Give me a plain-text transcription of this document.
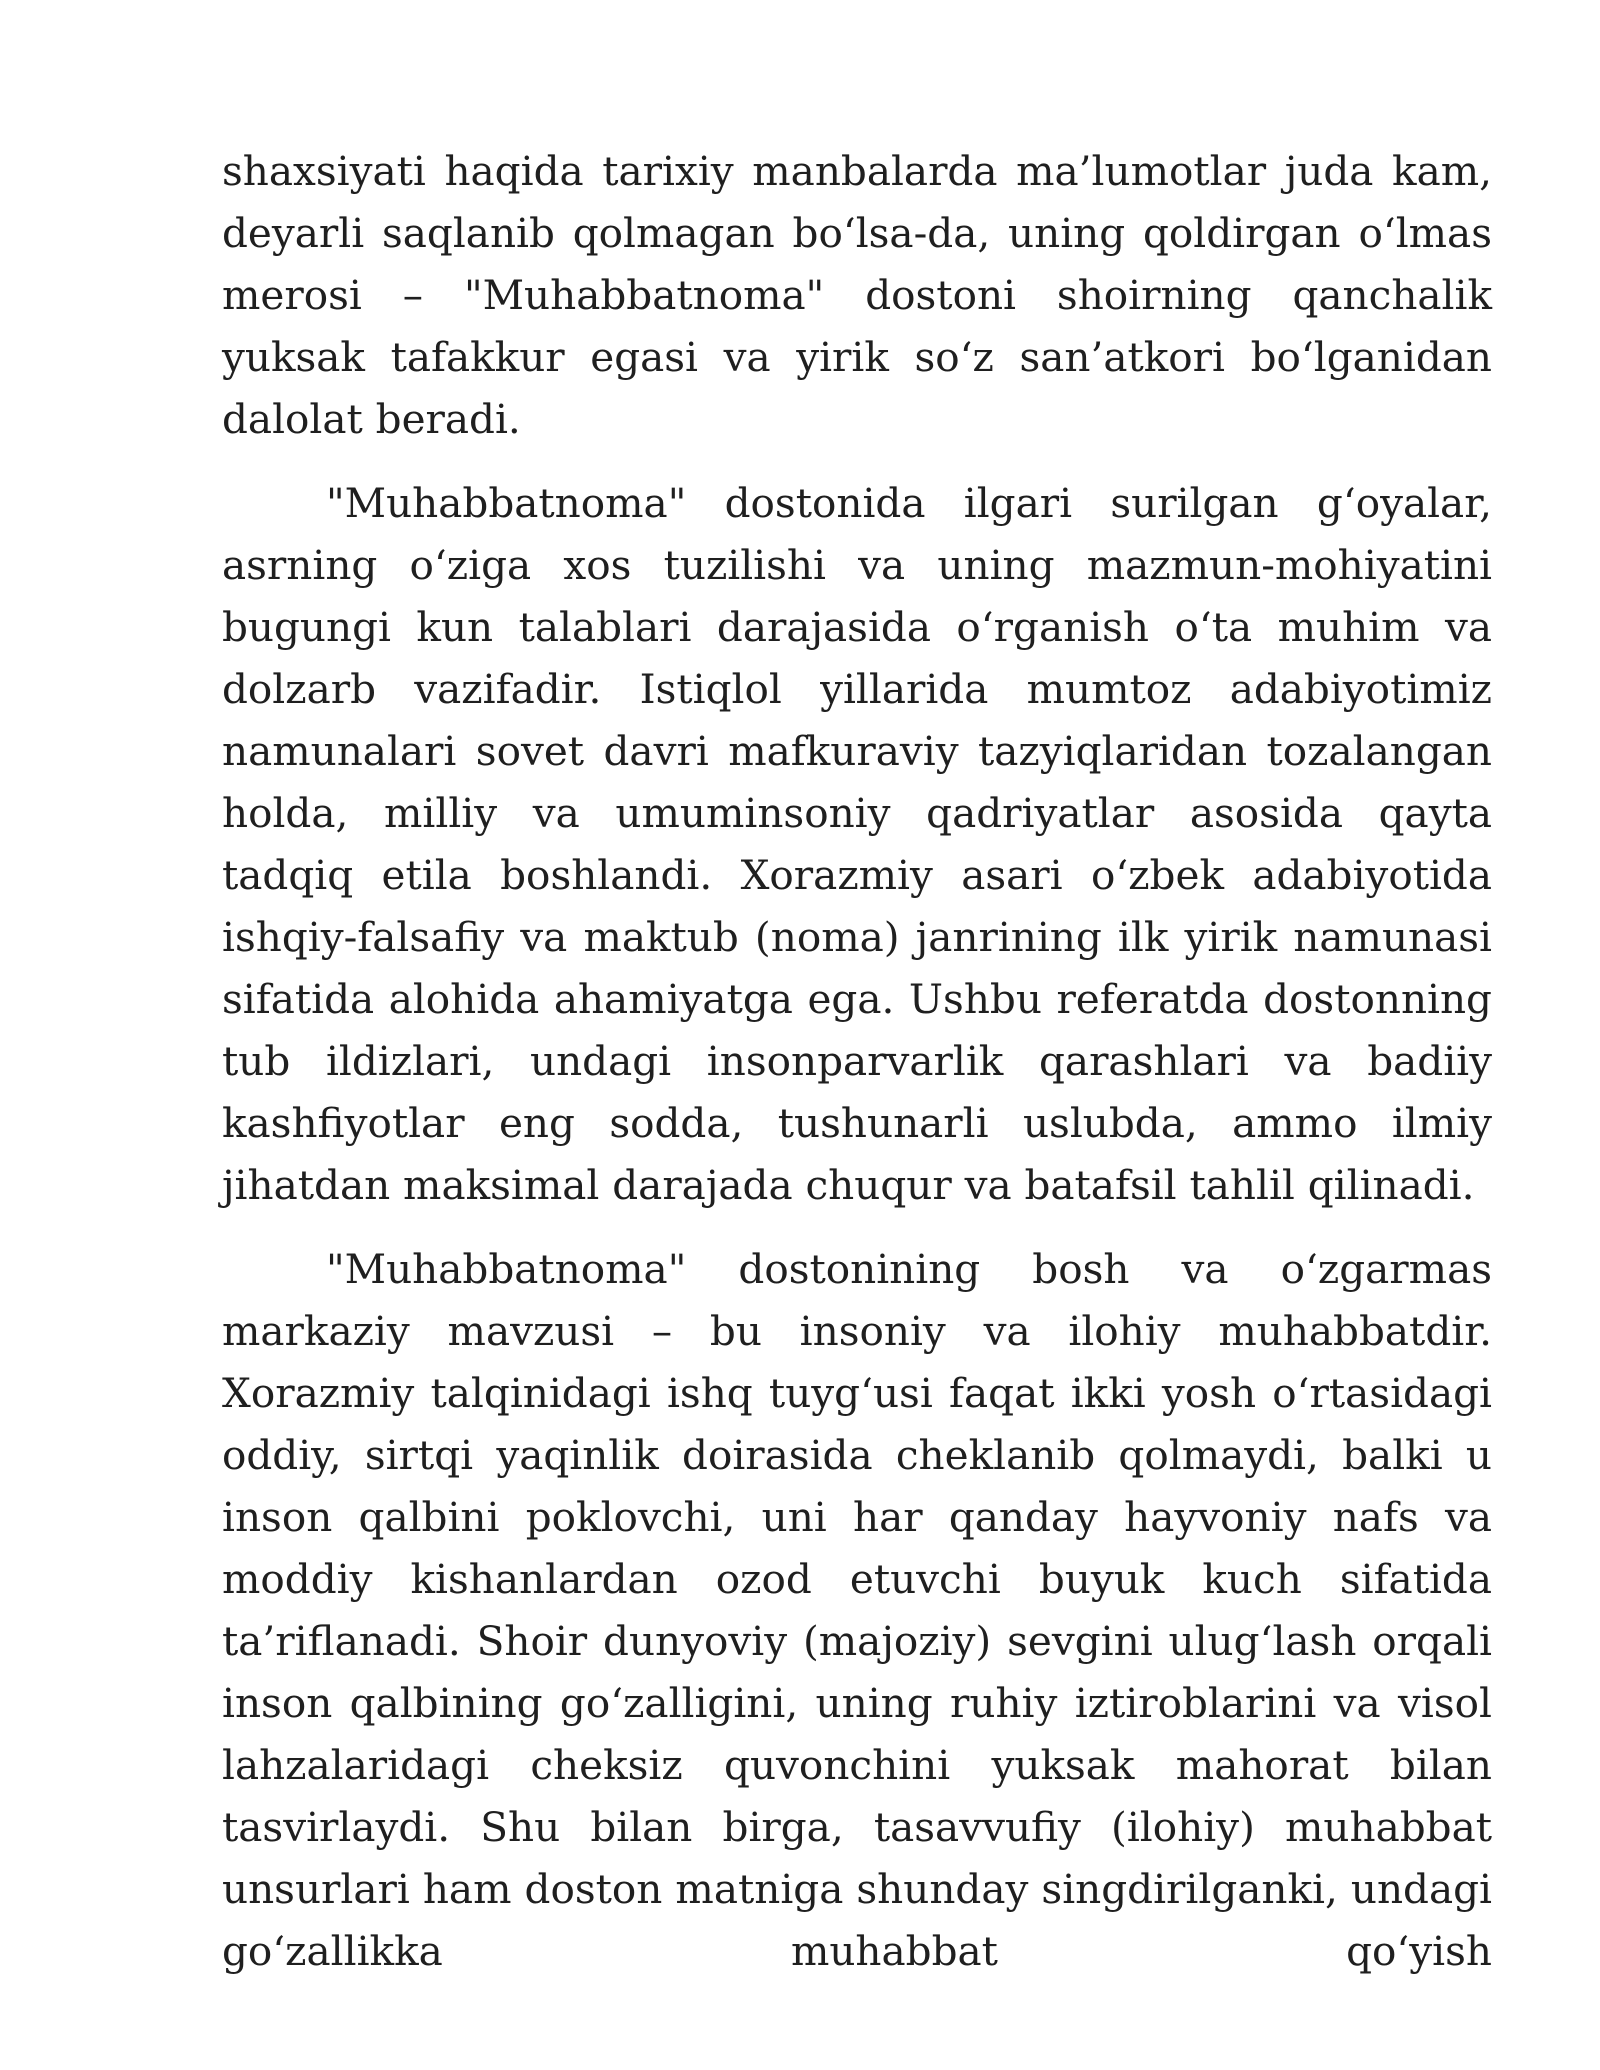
shaxsiyati haqida tarixiy manbalarda ma’lumotlar juda kam, deyarli saqlanib qolmagan bo‘lsa-da, uning qoldirgan o‘lmas merosi – "Muhabbatnoma" dostoni shoirning qanchalik yuksak tafakkur egasi va yirik so‘z san’atkori bo‘lganidan dalolat beradi.

"Muhabbatnoma" dostonida ilgari surilgan g‘oyalar, asrning o‘ziga xos tuzilishi va uning mazmun-mohiyatini bugungi kun talablari darajasida o‘rganish o‘ta muhim va dolzarb vazifadir. Istiqlol yillarida mumtoz adabiyotimiz namunalari sovet davri mafkuraviy tazyiqlaridan tozalangan holda, milliy va umuminsoniy qadriyatlar asosida qayta tadqiq etila boshlandi. Xorazmiy asari o‘zbek adabiyotida ishqiy-falsafiy va maktub (noma) janrining ilk yirik namunasi sifatida alohida ahamiyatga ega. Ushbu referatda dostonning tub ildizlari, undagi insonparvarlik qarashlari va badiiy kashfiyotlar eng sodda, tushunarli uslubda, ammo ilmiy jihatdan maksimal darajada chuqur va batafsil tahlil qilinadi.

"Muhabbatnoma" dostonining bosh va o‘zgarmas markaziy mavzusi – bu insoniy va ilohiy muhabbatdir. Xorazmiy talqinidagi ishq tuyg‘usi faqat ikki yosh o‘rtasidagi oddiy, sirtqi yaqinlik doirasida cheklanib qolmaydi, balki u inson qalbini poklovchi, uni har qanday hayvoniy nafs va moddiy kishanlardan ozod etuvchi buyuk kuch sifatida ta’riflanadi. Shoir dunyoviy (majoziy) sevgini ulug‘lash orqali inson qalbining go‘zalligini, uning ruhiy iztiroblarini va visol lahzalaridagi cheksiz quvonchini yuksak mahorat bilan tasvirlaydi. Shu bilan birga, tasavvufiy (ilohiy) muhabbat unsurlari ham doston matniga shunday singdirilganki, undagi go‘zallikka muhabbat qo‘yish
